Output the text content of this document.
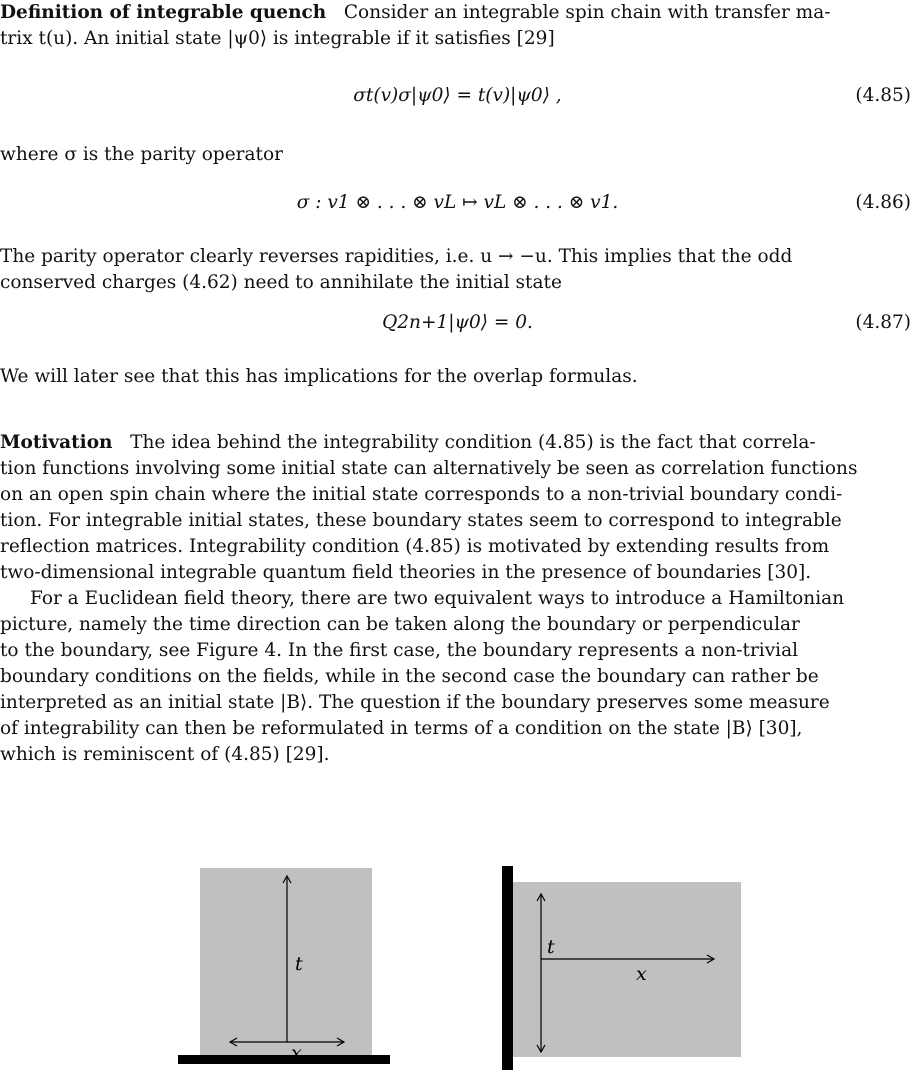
Definition of integrable quench Consider an integrable spin chain with transfer ma-

trix t(u). An initial state |ψ0⟩ is integrable if it satisfies [29]

σt(v)σ|ψ0⟩ = t(v)|ψ0⟩ ,	(4.85)

where σ is the parity operator

σ : v1 ⊗ . . . ⊗ vL ↦ vL ⊗ . . . ⊗ v1.	(4.86)

The parity operator clearly reverses rapidities, i.e. u → −u. This implies that the odd

conserved charges (4.62) need to annihilate the initial state

Q2n+1|ψ0⟩ = 0.	(4.87)

We will later see that this has implications for the overlap formulas.

Motivation The idea behind the integrability condition (4.85) is the fact that correla-

tion functions involving some initial state can alternatively be seen as correlation functions

on an open spin chain where the initial state corresponds to a non-trivial boundary condi-

tion. For integrable initial states, these boundary states seem to correspond to integrable

reflection matrices. Integrability condition (4.85) is motivated by extending results from

two-dimensional integrable quantum field theories in the presence of boundaries [30].

For a Euclidean field theory, there are two equivalent ways to introduce a Hamiltonian

picture, namely the time direction can be taken along the boundary or perpendicular

to the boundary, see Figure 4. In the first case, the boundary represents a non-trivial

boundary conditions on the fields, while in the second case the boundary can rather be

interpreted as an initial state |B⟩. The question if the boundary preserves some measure

of integrability can then be reformulated in terms of a condition on the state |B⟩ [30],

which is reminiscent of (4.85) [29].

t
x
t
x
